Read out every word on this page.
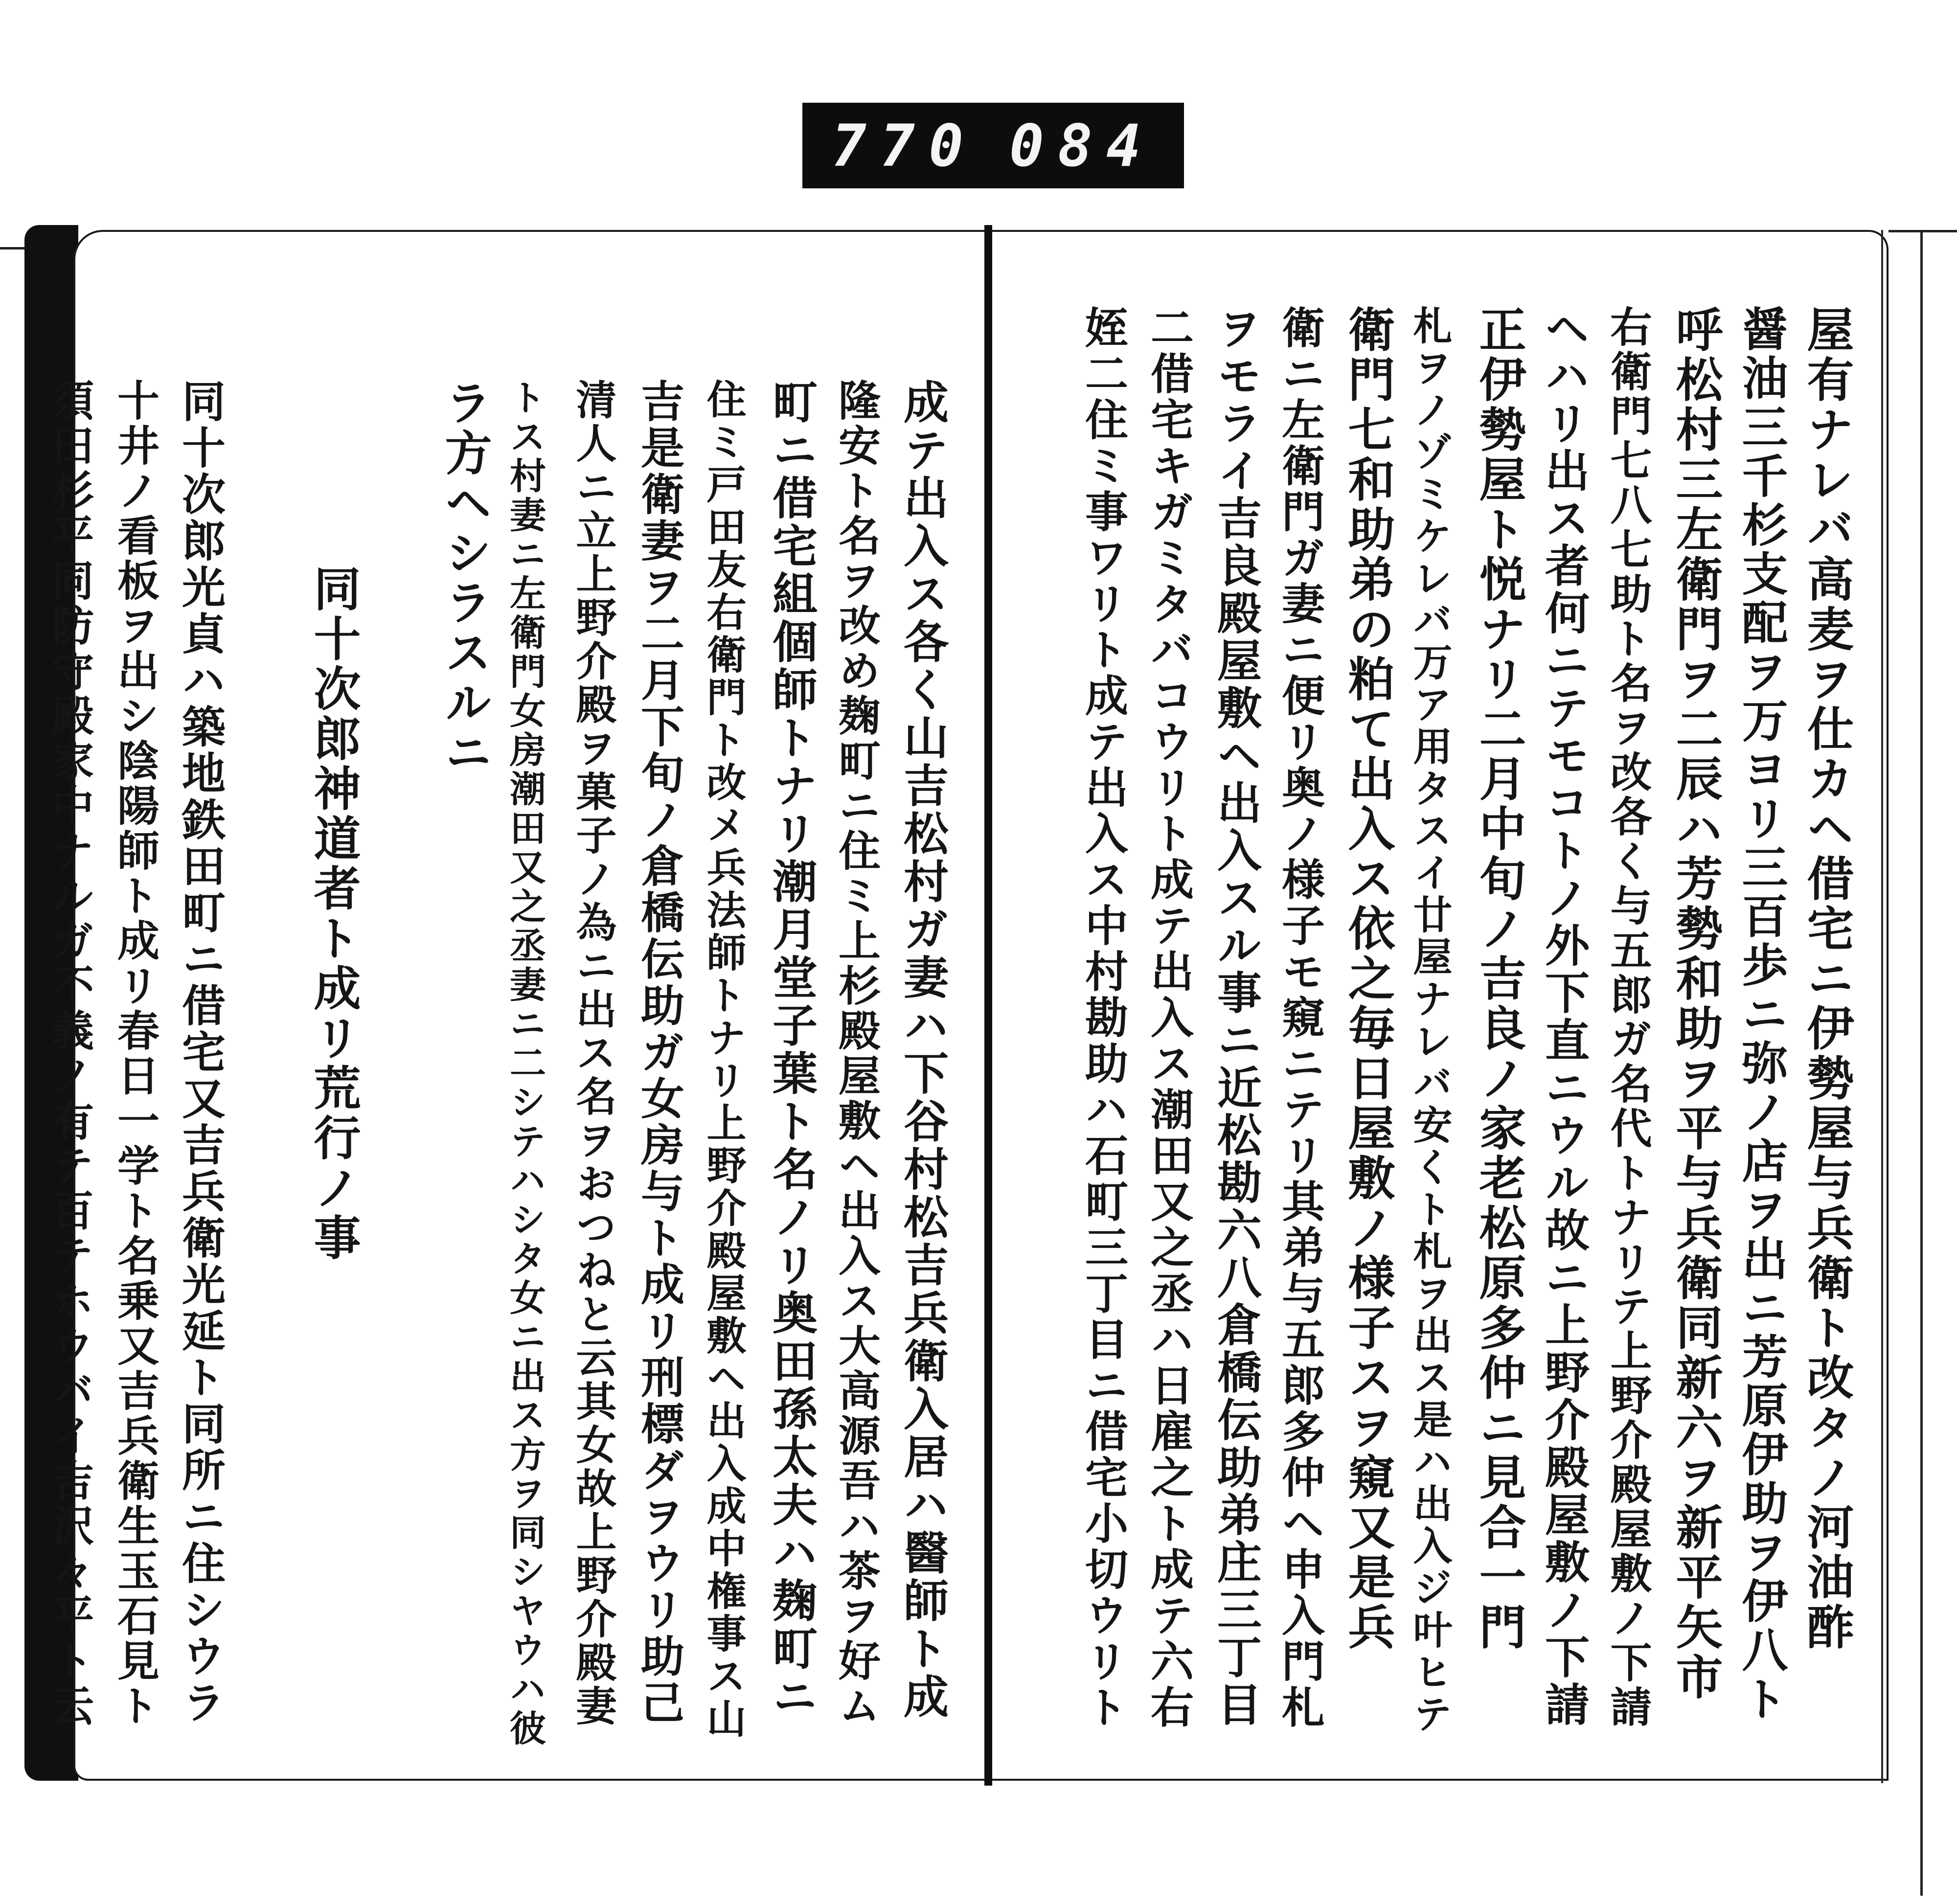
770 084
成テ出入ス各く山吉松村ガ妻ハ下谷村松吉兵衛入居ハ醫師ト成
隆安ト名ヲ改め麹町ニ住ミ上杉殿屋敷ヘ出入ス大高源吾ハ茶ヲ好ム
町ニ借宅組個師トナリ潮月堂子葉ト名ノリ奥田孫太夫ハ麹町ニ
住ミ戸田友右衛門ト改メ兵法師トナリ上野介殿屋敷ヘ出入成中権事ス山
吉是衛妻ヲ二月下旬ノ倉橋伝助ガ女房与ト成リ刑標ダヲウリ助己
清人ニ立上野介殿ヲ菓子ノ為ニ出ス名ヲおつねと云其女故上野介殿妻
トス村妻ニ左衛門女房潮田又之丞妻ニ二シテハシタ女ニ出ス方ヲ同シヤウハ彼
ラ方ヘシラスルニ
同十次郎神道者ト成リ荒行ノ事
同十次郎光貞ハ築地鉄田町ニ借宅又吉兵衛光延ト同所ニ住シウラ
十井ノ看板ヲ出シ陰陽師ト成リ春日一学ト名乗又吉兵衛生玉石見ト
須田杉平同防守殿家中ナルガ不義ノ有テ百テホウバイ吉沢々平ト云	屋有ナレバ高麦ヲ仕カヘ借宅ニ伊勢屋与兵衛ト改タノ河油酢
醤油三千杉支配ヲ万ヨリ三百歩ニ弥ノ店ヲ出ニ芳原伊助ヲ伊八ト
呼松村三左衛門ヲ二辰ハ芳勢和助ヲ平与兵衛同新六ヲ新平矢市
右衛門七八七助ト名ヲ改各く与五郎ガ名代トナリテ上野介殿屋敷ノ下請
ヘハリ出ス者何ニテモコトノ外下直ニウル故ニ上野介殿屋敷ノ下請
正伊勢屋ト悦ナリ二月中旬ノ吉良ノ家老松原多仲ニ見合一門
札ヲノゾミケレバ万ア用タスイ廿屋ナレバ安くト札ヲ出ス是ハ出入ジ叶ヒテ
衛門七和助弟の粕て出入ス依之毎日屋敷ノ様子スヲ窺又是兵
衛ニ左衛門ガ妻ニ便リ奥ノ様子モ窺ニテリ其弟与五郎多仲ヘ申入門札
ヲモライ吉良殿屋敷ヘ出入スル事ニ近松勘六八倉橋伝助弟庄三丁目
二借宅キガミタバコウリト成テ出入ス潮田又之丞ハ日雇之ト成テ六右
姪二住ミ事ワリト成テ出入ス中村勘助ハ石町三丁目ニ借宅小切ウリト
